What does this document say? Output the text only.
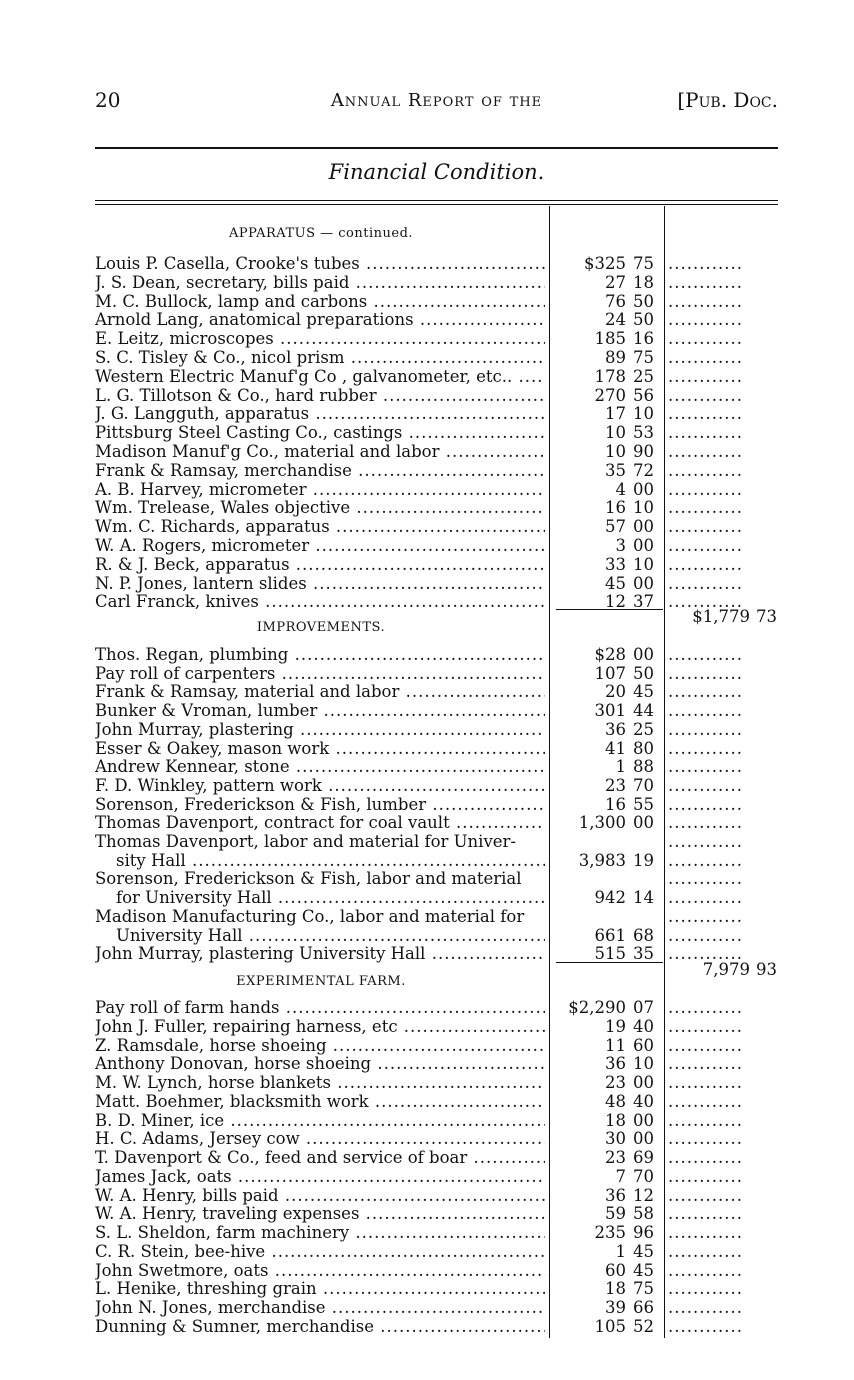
20	Annual Report of the	[Pub. Doc.
Financial Condition.
APPARATUS — continued.
Louis P. Casella, Crooke's tubes .....	$325 75 ............
J. S. Dean, secretary, bills paid .....	27 18 ............
M. C. Bullock, lamp and carbons .....	76 50 ............
Arnold Lang, anatomical preparations .....	24 50 ............
E. Leitz, microscopes .....	185 16 ............
S. C. Tisley & Co., nicol prism .....	89 75 ............
Western Electric Manuf'g Co , galvanometer, etc.. .....	178 25 ............
L. G. Tillotson & Co., hard rubber .....	270 56 ............
J. G. Langguth, apparatus .....	17 10 ............
Pittsburg Steel Casting Co., castings .....	10 53 ............
Madison Manuf'g Co., material and labor .....	10 90 ............
Frank & Ramsay, merchandise .....	35 72 ............
A. B. Harvey, micrometer .....	4 00 ............
Wm. Trelease, Wales objective .....	16 10 ............
Wm. C. Richards, apparatus .....	57 00 ............
W. A. Rogers, micrometer .....	3 00 ............
R. & J. Beck, apparatus .....	33 10 ............
N. P. Jones, lantern slides .....	45 00 ............
Carl Franck, knives .....	12 37 ............
$1,779 73
IMPROVEMENTS.
Thos. Regan, plumbing .....	$28 00 ............
Pay roll of carpenters .....	107 50 ............
Frank & Ramsay, material and labor .....	20 45 ............
Bunker & Vroman, lumber .....	301 44 ............
John Murray, plastering .....	36 25 ............
Esser & Oakey, mason work .....	41 80 ............
Andrew Kennear, stone .....	1 88 ............
F. D. Winkley, pattern work .....	23 70 ............
Sorenson, Frederickson & Fish, lumber .....	16 55 ............
Thomas Davenport, contract for coal vault .....	1,300 00 ............
Thomas Davenport, labor and material for Univer-	............
sity Hall .....	3,983 19 ............
Sorenson, Frederickson & Fish, labor and material	............
for University Hall .....	942 14 ............
Madison Manufacturing Co., labor and material for	............
University Hall .....	661 68 ............
John Murray, plastering University Hall .....	515 35 ............
7,979 93
EXPERIMENTAL FARM.
Pay roll of farm hands .....	$2,290 07 ............
John J. Fuller, repairing harness, etc .....	19 40 ............
Z. Ramsdale, horse shoeing .....	11 60 ............
Anthony Donovan, horse shoeing .....	36 10 ............
M. W. Lynch, horse blankets .....	23 00 ............
Matt. Boehmer, blacksmith work .....	48 40 ............
B. D. Miner, ice .....	18 00 ............
H. C. Adams, Jersey cow .....	30 00 ............
T. Davenport & Co., feed and service of boar .....	23 69 ............
James Jack, oats .....	7 70 ............
W. A. Henry, bills paid .....	36 12 ............
W. A. Henry, traveling expenses .....	59 58 ............
S. L. Sheldon, farm machinery .....	235 96 ............
C. R. Stein, bee-hive .....	1 45 ............
John Swetmore, oats .....	60 45 ............
L. Henike, threshing grain .....	18 75 ............
John N. Jones, merchandise .....	39 66 ............
Dunning & Sumner, merchandise .....	105 52 ............
